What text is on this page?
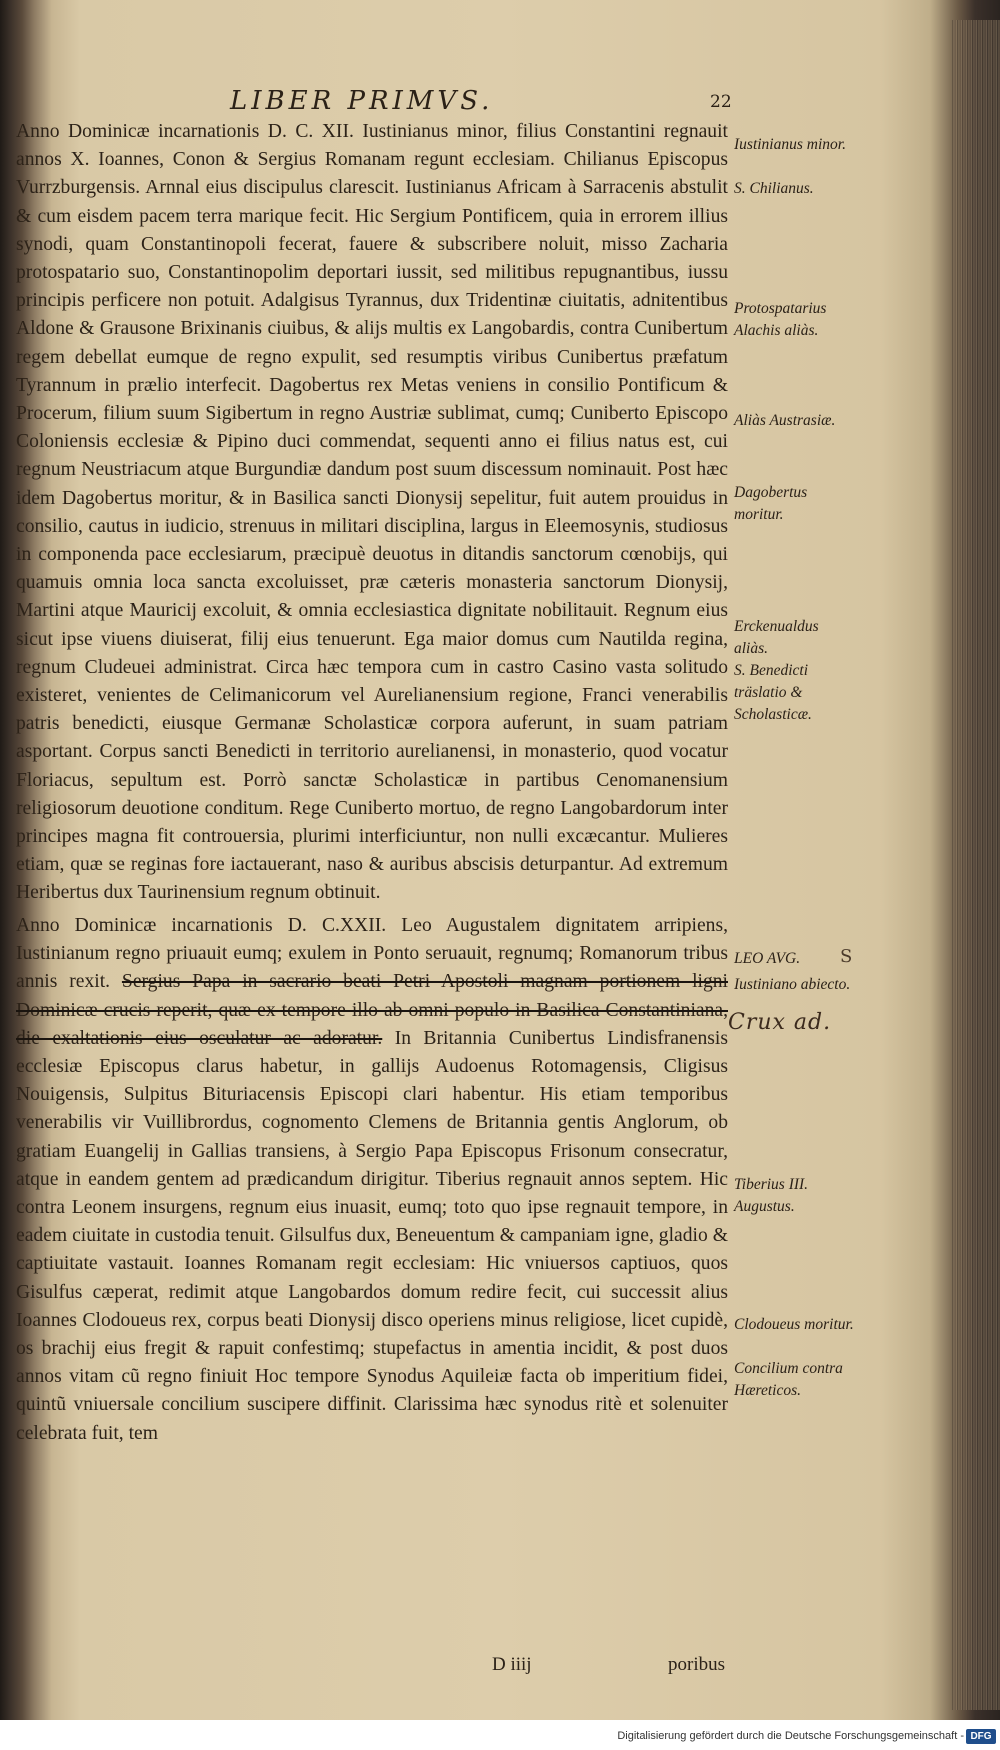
LIBER PRIMVS.	22

Anno Dominicæ incarnationis D. C. XII. Iustinianus minor, filius Constantini regnauit annos X. Ioannes, Conon & Sergius Romanam regunt ecclesiam. Chilianus Episcopus Vurrzburgensis. Arnnal eius discipulus clarescit. Iustinianus Africam à Sarracenis abstulit & cum eisdem pacem terra marique fecit. Hic Sergium Pontificem, quia in errorem illius synodi, quam Constantinopoli fecerat, fauere & subscribere noluit, misso Zacharia protospatario suo, Constantinopolim deportari iussit, sed militibus repugnantibus, iussu principis perficere non potuit. Adalgisus Tyrannus, dux Tridentinæ ciuitatis, adnitentibus Aldone & Grausone Brixinanis ciuibus, & alijs multis ex Langobardis, contra Cunibertum regem debellat eumque de regno expulit, sed resumptis viribus Cunibertus præfatum Tyrannum in prælio interfecit. Dagobertus rex Metas veniens in consilio Pontificum & Procerum, filium suum Sigibertum in regno Austriæ sublimat, cumq; Cuniberto Episcopo Coloniensis ecclesiæ & Pipino duci commendat, sequenti anno ei filius natus est, cui regnum Neustriacum atque Burgundiæ dandum post suum discessum nominauit. Post hæc idem Dagobertus moritur, & in Basilica sancti Dionysij sepelitur, fuit autem prouidus in consilio, cautus in iudicio, strenuus in militari disciplina, largus in Eleemosynis, studiosus in componenda pace ecclesiarum, præcipuè deuotus in ditandis sanctorum cœnobijs, qui quamuis omnia loca sancta excoluisset, præ cæteris monasteria sanctorum Dionysij, Martini atque Mauricij excoluit, & omnia ecclesiastica dignitate nobilitauit. Regnum eius sicut ipse viuens diuiserat, filij eius tenuerunt. Ega maior domus cum Nautilda regina, regnum Cludeuei administrat. Circa hæc tempora cum in castro Casino vasta solitudo existeret, venientes de Celimanicorum vel Aurelianensium regione, Franci venerabilis patris benedicti, eiusque Germanæ Scholasticæ corpora auferunt, in suam patriam asportant. Corpus sancti Benedicti in territorio aurelianensi, in monasterio, quod vocatur Floriacus, sepultum est. Porrò sanctæ Scholasticæ in partibus Cenomanensium religiosorum deuotione conditum. Rege Cuniberto mortuo, de regno Langobardorum inter principes magna fit controuersia, plurimi interficiuntur, non nulli excæcantur. Mulieres etiam, quæ se reginas fore iactauerant, naso & auribus abscisis deturpantur. Ad extremum Heribertus dux Taurinensium regnum obtinuit.

Anno Dominicæ incarnationis D. C.XXII. Leo Augustalem dignitatem arripiens, Iustinianum regno priuauit eumq; exulem in Ponto seruauit, regnumq; Romanorum tribus annis rexit. Sergius Papa in sacrario beati Petri Apostoli magnam portionem ligni Dominicæ crucis reperit, quæ ex tempore illo ab omni populo in Basilica Constantiniana, die exaltationis eius osculatur ac adoratur. In Britannia Cunibertus Lindisfranensis ecclesiæ Episcopus clarus habetur, in gallijs Audoenus Rotomagensis, Cligisus Nouigensis, Sulpitus Bituriacensis Episcopi clari habentur. His etiam temporibus venerabilis vir Vuillibrordus, cognomento Clemens de Britannia gentis Anglorum, ob gratiam Euangelij in Gallias transiens, à Sergio Papa Episcopus Frisonum consecratur, atque in eandem gentem ad prædicandum dirigitur. Tiberius regnauit annos septem. Hic contra Leonem insurgens, regnum eius inuasit, eumq; toto quo ipse regnauit tempore, in eadem ciuitate in custodia tenuit. Gilsulfus dux, Beneuentum & campaniam igne, gladio & captiuitate vastauit. Ioannes Romanam regit ecclesiam: Hic vniuersos captiuos, quos Gisulfus cæperat, redimit atque Langobardos domum redire fecit, cui successit alius Ioannes Clodoueus rex, corpus beati Dionysij disco operiens minus religiose, licet cupidè, os brachij eius fregit & rapuit confestimq; stupefactus in amentia incidit, & post duos annos vitam cũ regno finiuit Hoc tempore Synodus Aquileiæ facta ob imperitium fidei, quintũ vniuersale concilium suscipere diffinit. Clarissima hæc synodus ritè et solenuiter celebrata fuit, tem

Iustinianus minor.
S. Chilianus.
Protospatarius
Alachis aliàs.
Aliàs Austrasiæ.
Dagobertus moritur.
Erckenualdus aliàs.
S. Benedicti träslatio & Scholasticæ.
LEO AVG.
Iustiniano abiecto.
Tiberius III. Augustus.
Clodoueus moritur.
Concilium contra Hæreticos.
Crux ad.
S
D iiij	poribus
Digitalisierung gefördert durch die Deutsche Forschungsgemeinschaft - DFG
